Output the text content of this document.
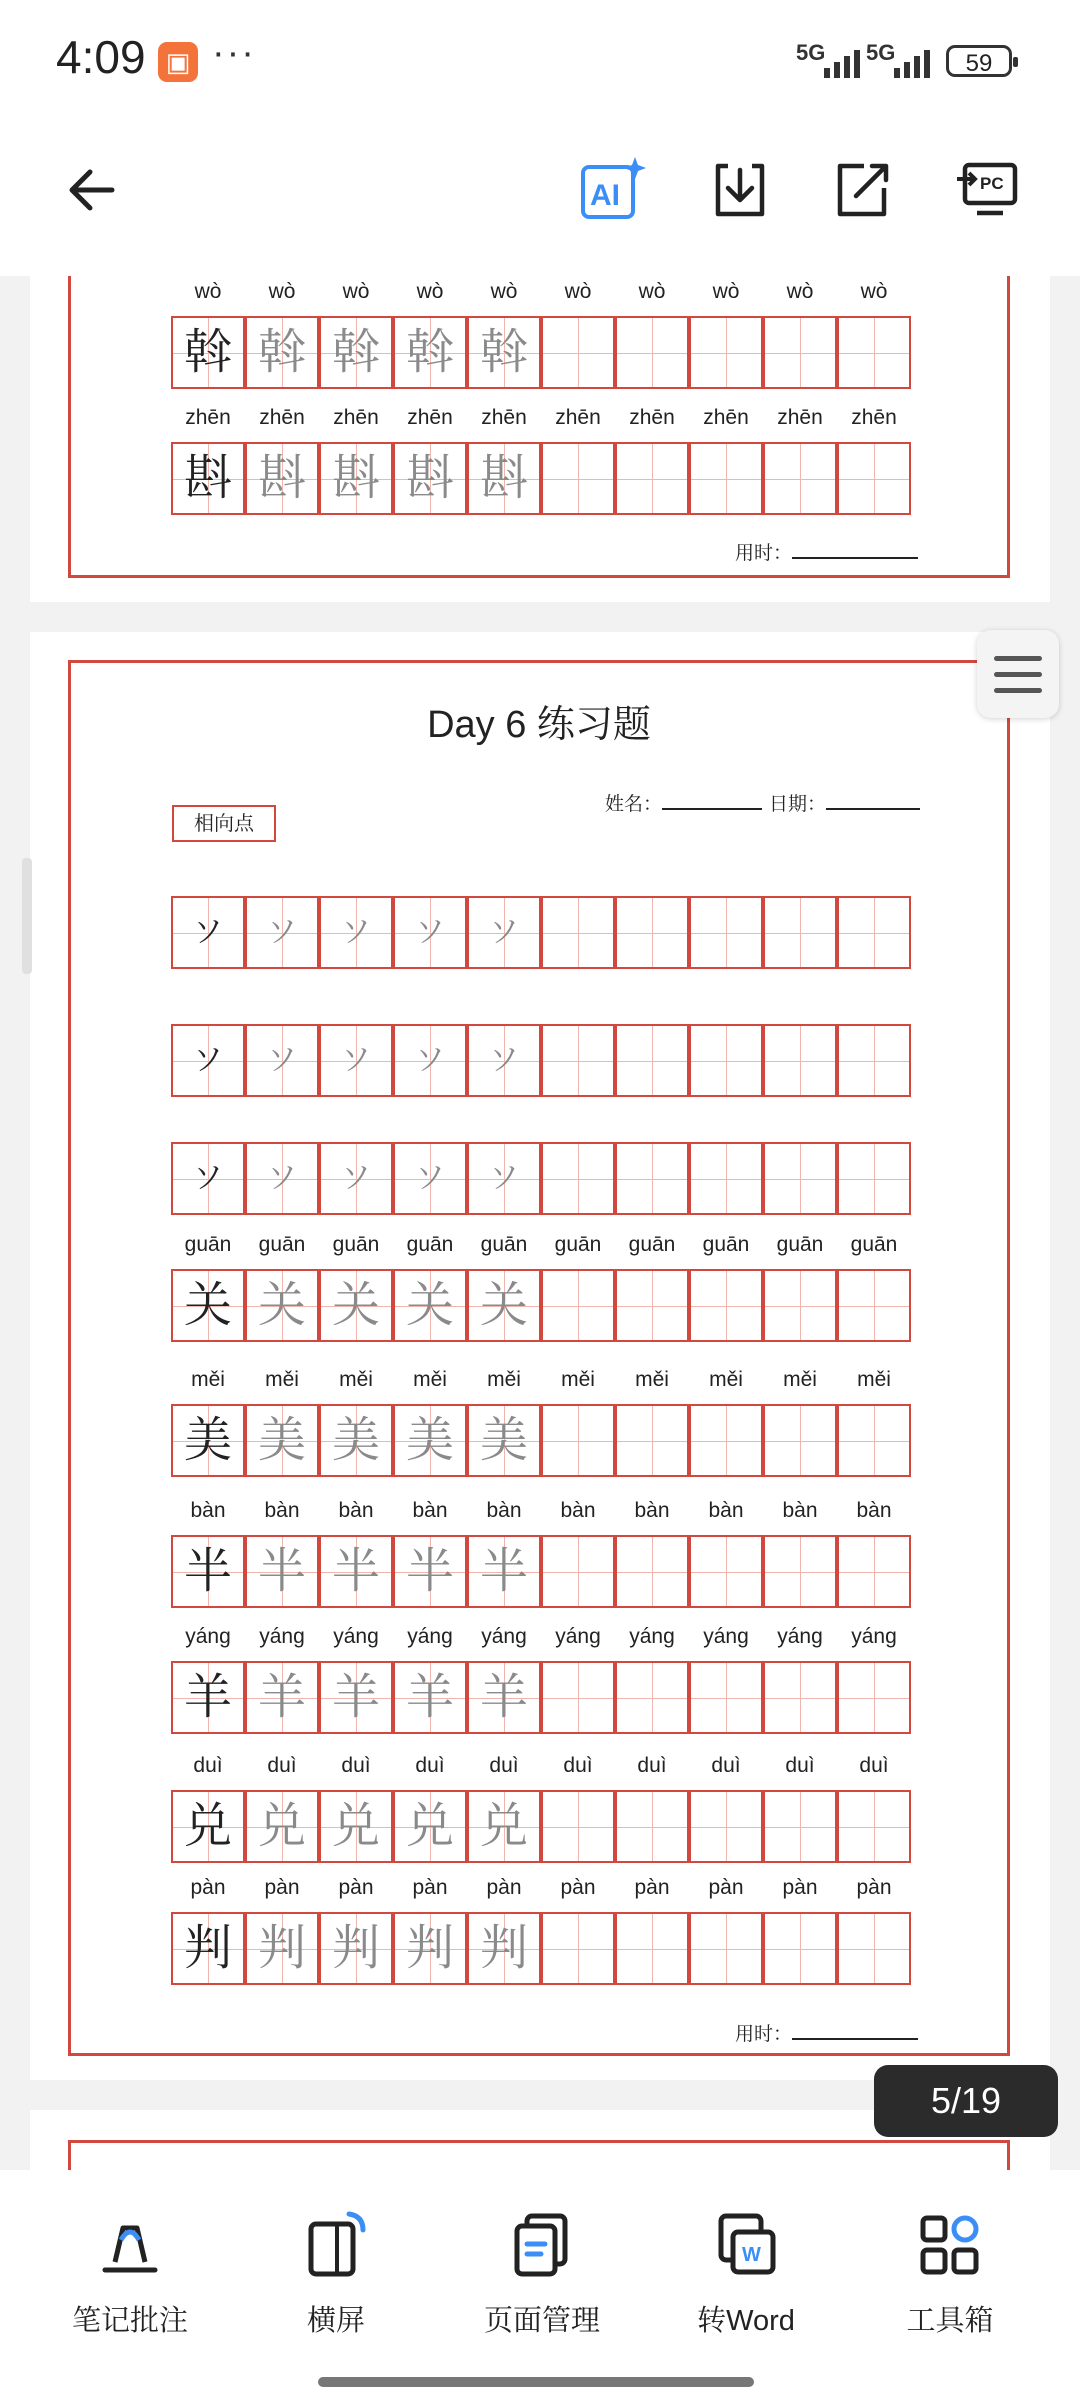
4:09 ▣ ···	5G 5G	59
AI	PC
wò	wò	wò	wò	wò	wò	wò	wò	wò	wò
斡 斡 斡 斡 斡
zhēn	zhēn	zhēn	zhēn	zhēn	zhēn	zhēn	zhēn	zhēn	zhēn
斟 斟 斟 斟 斟
用时：
Day 6 练习题
姓名：	日期：
相向点
ソ	ソ	ソ	ソ	ソ
ソ	ソ	ソ	ソ	ソ
ソ	ソ	ソ	ソ	ソ
guān	guān	guān	guān	guān	guān	guān	guān	guān	guān
关 关 关 关 关
měi	měi	měi	měi	měi	měi	měi	měi	měi	měi
美 美 美 美 美
bàn	bàn	bàn	bàn	bàn	bàn	bàn	bàn	bàn	bàn
半 半 半 半 半
yáng	yáng	yáng	yáng	yáng	yáng	yáng	yáng	yáng	yáng
羊 羊 羊 羊 羊
duì	duì	duì	duì	duì	duì	duì	duì	duì	duì
兑 兑 兑 兑 兑
pàn	pàn	pàn	pàn	pàn	pàn	pàn	pàn	pàn	pàn
判 判 判 判 判
用时：
5/19
笔记批注	横屏	页面管理
W
转Word	工具箱
